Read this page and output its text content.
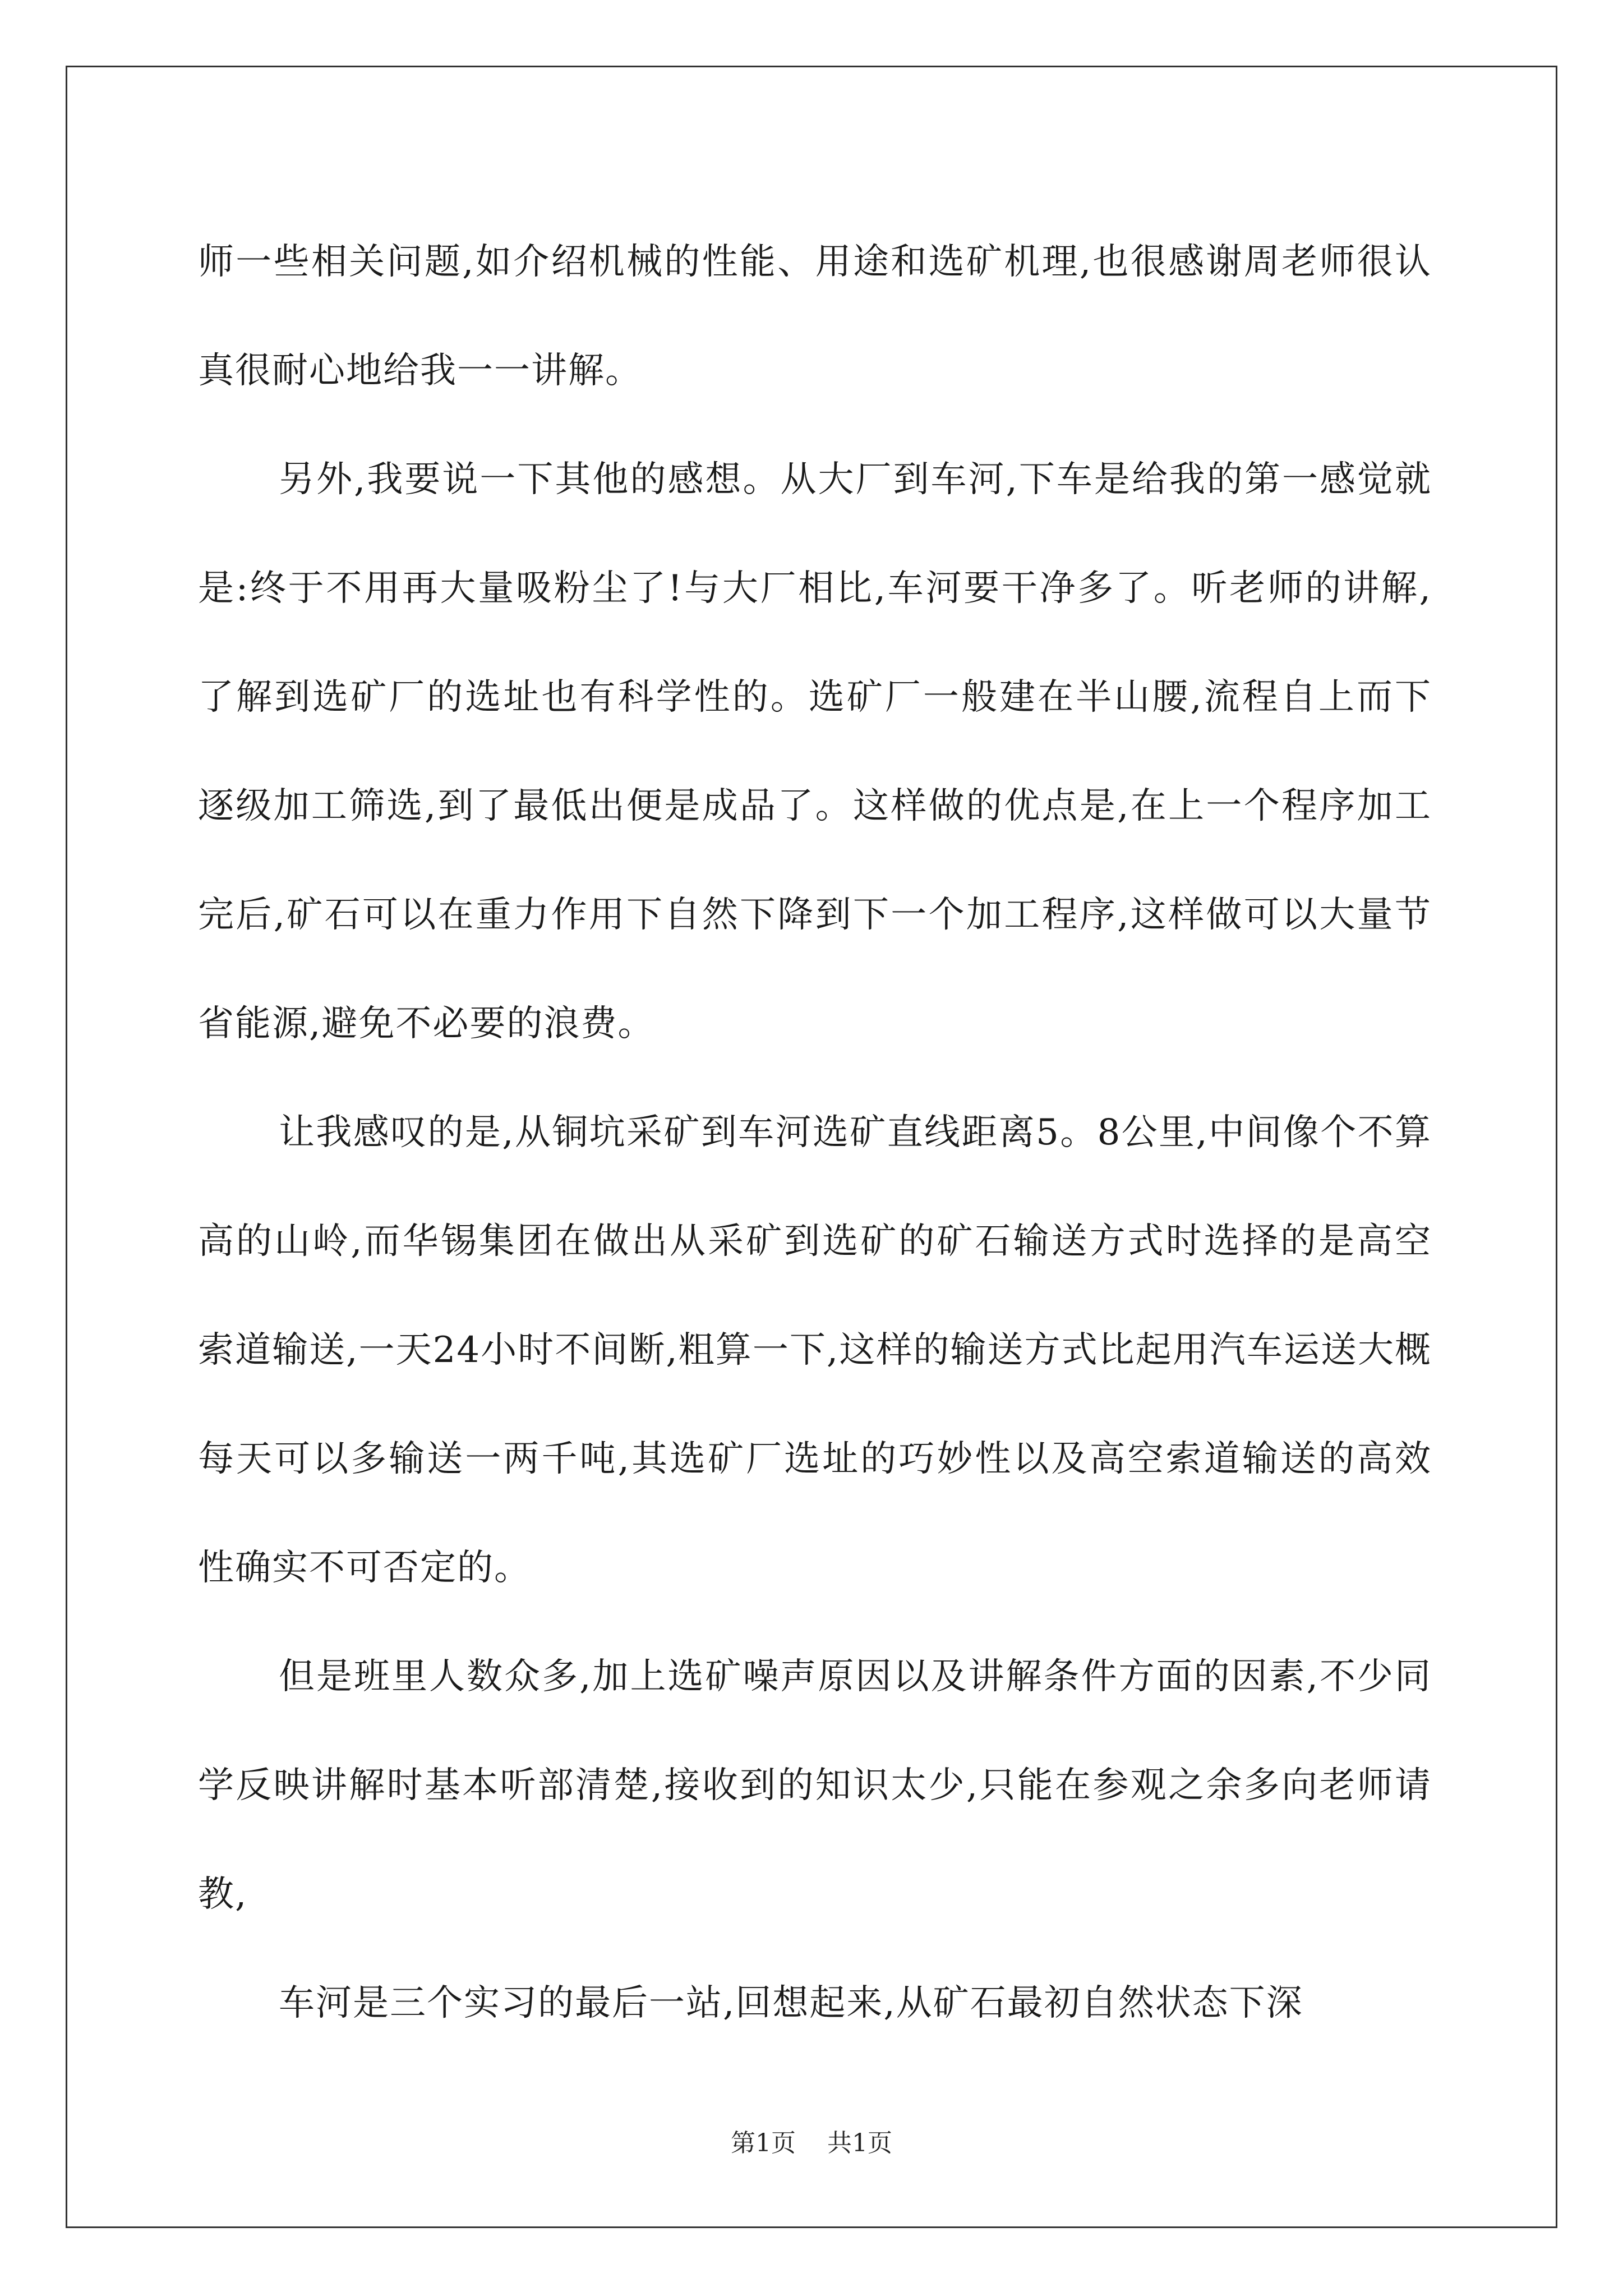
师一些相关问题,如介绍机械的性能、用途和选矿机理,也很感谢周老师很认真很耐心地给我一一讲解。

另外,我要说一下其他的感想。从大厂到车河,下车是给我的第一感觉就是:终于不用再大量吸粉尘了!与大厂相比,车河要干净多了。听老师的讲解,了解到选矿厂的选址也有科学性的。选矿厂一般建在半山腰,流程自上而下逐级加工筛选,到了最低出便是成品了。这样做的优点是,在上一个程序加工完后,矿石可以在重力作用下自然下降到下一个加工程序,这样做可以大量节省能源,避免不必要的浪费。

让我感叹的是,从铜坑采矿到车河选矿直线距离5。8公里,中间像个不算高的山岭,而华锡集团在做出从采矿到选矿的矿石输送方式时选择的是高空索道输送,一天24小时不间断,粗算一下,这样的输送方式比起用汽车运送大概每天可以多输送一两千吨,其选矿厂选址的巧妙性以及高空索道输送的高效性确实不可否定的。

但是班里人数众多,加上选矿噪声原因以及讲解条件方面的因素,不少同学反映讲解时基本听部清楚,接收到的知识太少,只能在参观之余多向老师请教,

车河是三个实习的最后一站,回想起来,从矿石最初自然状态下深

第1页    共1页
